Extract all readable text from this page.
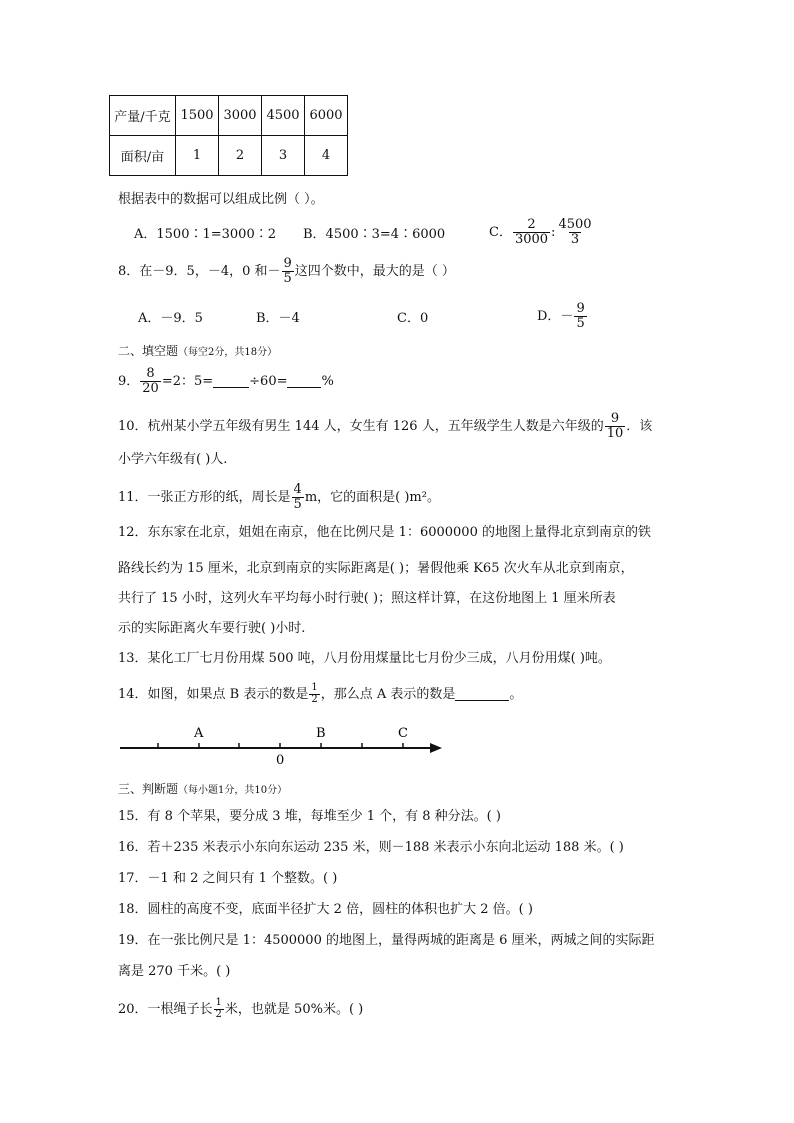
产量/千克	1500	3000	4500	6000
面积/亩	1	2	3	4
根据表中的数据可以组成比例（ ）。
A．1500∶1=3000∶2 B．4500∶3=4∶6000	C． $\frac{2}{3000}$ : $\frac{4500}{3}$
8．在－9．5，－4，0 和－ $\frac{9}{5}$ 这四个数中，最大的是（ ）
A．－9．5	B．－4	C．0	D．－ $\frac{9}{5}$
二、填空题（每空2分，共18分）
9． $\frac{8}{20} =2$：5=	÷60=	%
10．杭州某小学五年级有男生 144 人，女生有 126 人，五年级学生人数是六年级的 $\frac{9}{10}$ ．该
小学六年级有( )人.
11．一张正方形的纸，周长是 $\frac{4}{5}$ m，它的面积是( )m²。
12．东东家在北京，姐姐在南京，他在比例尺是 1：6000000 的地图上量得北京到南京的铁
路线长约为 15 厘米，北京到南京的实际距离是( )；暑假他乘 K65 次火车从北京到南京，
共行了 15 小时，这列火车平均每小时行驶( )；照这样计算，在这份地图上 1 厘米所表
示的实际距离火车要行驶( )小时.
13．某化工厂七月份用煤 500 吨，八月份用煤量比七月份少三成，八月份用煤( )吨。
14．如图，如果点 B 表示的数是 $\frac{1}{2}$ ，那么点 A 表示的数是	。
A	B	C
0
三、判断题（每小题1分，共10分）
15．有 8 个苹果，要分成 3 堆，每堆至少 1 个，有 8 种分法。( )
16．若＋235 米表示小东向东运动 235 米，则－188 米表示小东向北运动 188 米。( )
17．－1 和 2 之间只有 1 个整数。( )
18．圆柱的高度不变，底面半径扩大 2 倍，圆柱的体积也扩大 2 倍。( )
19．在一张比例尺是 1：4500000 的地图上，量得两城的距离是 6 厘米，两城之间的实际距
离是 270 千米。( )
20．一根绳子长 $\frac{1}{2}$ 米，也就是 50%米。( )
